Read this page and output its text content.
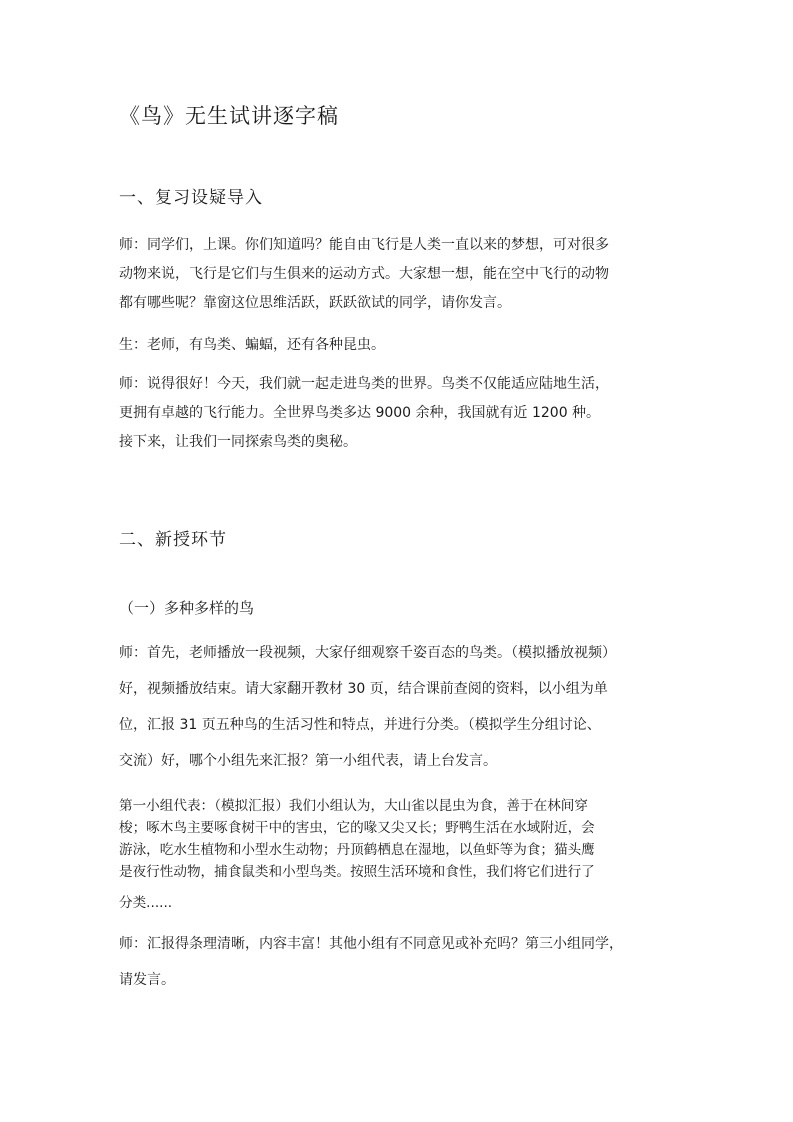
《鸟》无生试讲逐字稿
一、复习设疑导入

师：同学们，上课。你们知道吗？能自由飞行是人类一直以来的梦想，可对很多
动物来说，飞行是它们与生俱来的运动方式。大家想一想，能在空中飞行的动物
都有哪些呢？靠窗这位思维活跃，跃跃欲试的同学，请你发言。

生：老师，有鸟类、蝙蝠，还有各种昆虫。

师：说得很好！今天，我们就一起走进鸟类的世界。鸟类不仅能适应陆地生活，
更拥有卓越的飞行能力。全世界鸟类多达 9000 余种，我国就有近 1200 种。
接下来，让我们一同探索鸟类的奥秘。

二、新授环节
（一）多种多样的鸟

师：首先，老师播放一段视频，大家仔细观察千姿百态的鸟类。（模拟播放视频）
好，视频播放结束。请大家翻开教材 30 页，结合课前查阅的资料，以小组为单
位，汇报 31 页五种鸟的生活习性和特点，并进行分类。（模拟学生分组讨论、
交流）好，哪个小组先来汇报？第一小组代表，请上台发言。

第一小组代表：（模拟汇报）我们小组认为，大山雀以昆虫为食，善于在林间穿
梭；啄木鸟主要啄食树干中的害虫，它的喙又尖又长；野鸭生活在水域附近，会
游泳，吃水生植物和小型水生动物；丹顶鹤栖息在湿地，以鱼虾等为食；猫头鹰
是夜行性动物，捕食鼠类和小型鸟类。按照生活环境和食性，我们将它们进行了
分类......

师：汇报得条理清晰，内容丰富！其他小组有不同意见或补充吗？第三小组同学，
请发言。
